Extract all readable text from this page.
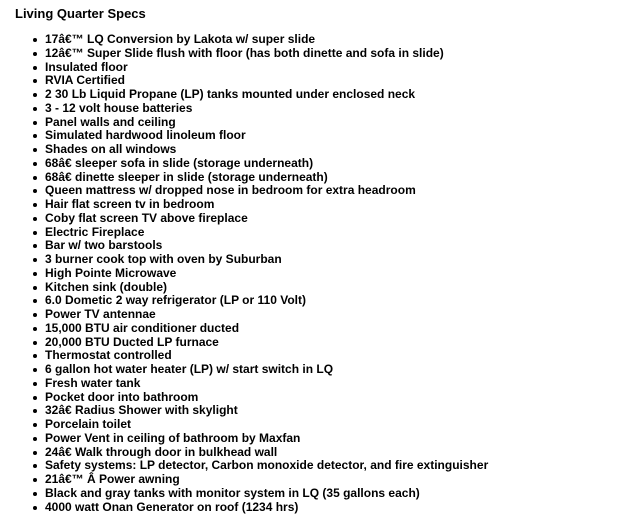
Living Quarter Specs
17â€™ LQ Conversion by Lakota w/ super slide
12â€™ Super Slide flush with floor (has both dinette and sofa in slide)
Insulated floor
RVIA Certified
2 30 Lb Liquid Propane (LP) tanks mounted under enclosed neck
3 - 12 volt house batteries
Panel walls and ceiling
Simulated hardwood linoleum floor
Shades on all windows
68â€ sleeper sofa in slide (storage underneath)
68â€ dinette sleeper in slide (storage underneath)
Queen mattress w/ dropped nose in bedroom for extra headroom
Hair flat screen tv in bedroom
Coby flat screen TV above fireplace
Electric Fireplace
Bar w/ two barstools
3 burner cook top with oven by Suburban
High Pointe Microwave
Kitchen sink (double)
6.0 Dometic 2 way refrigerator (LP or 110 Volt)
Power TV antennae
15,000 BTU air conditioner ducted
20,000 BTU Ducted LP furnace
Thermostat controlled
6 gallon hot water heater (LP) w/ start switch in LQ
Fresh water tank
Pocket door into bathroom
32â€ Radius Shower with skylight
Porcelain toilet
Power Vent in ceiling of bathroom by Maxfan
24â€ Walk through door in bulkhead wall
Safety systems: LP detector, Carbon monoxide detector, and fire extinguisher
21â€™ Â Power awning
Black and gray tanks with monitor system in LQ (35 gallons each)
4000 watt Onan Generator on roof (1234 hrs)
